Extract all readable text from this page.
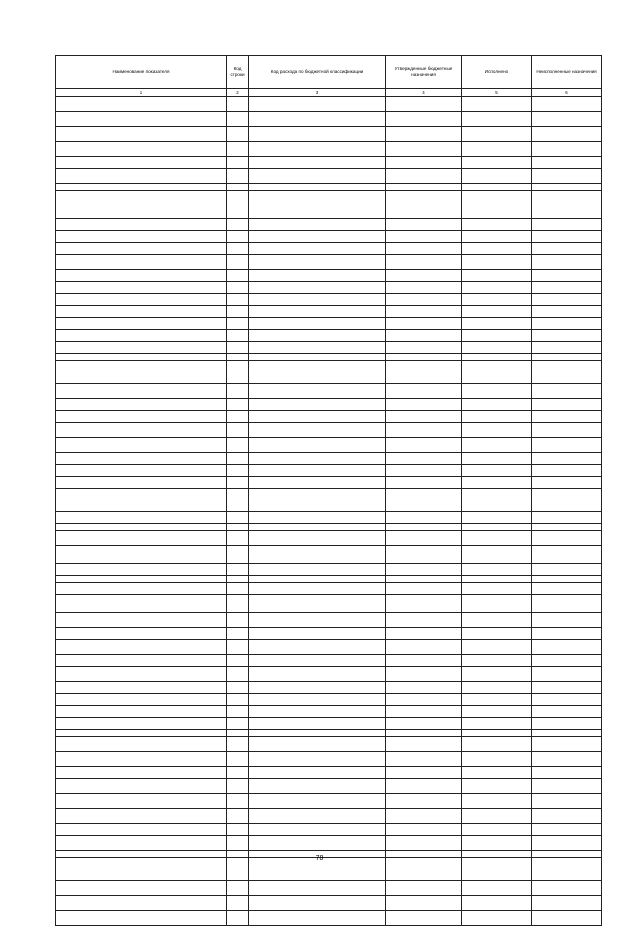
Наименование показателя	Код строки	Код расхода по бюджетной классификации	Утвержденные бюджетные назначения	Исполнено	Неисполненные назначения
1	2	3	4	5	6

78
